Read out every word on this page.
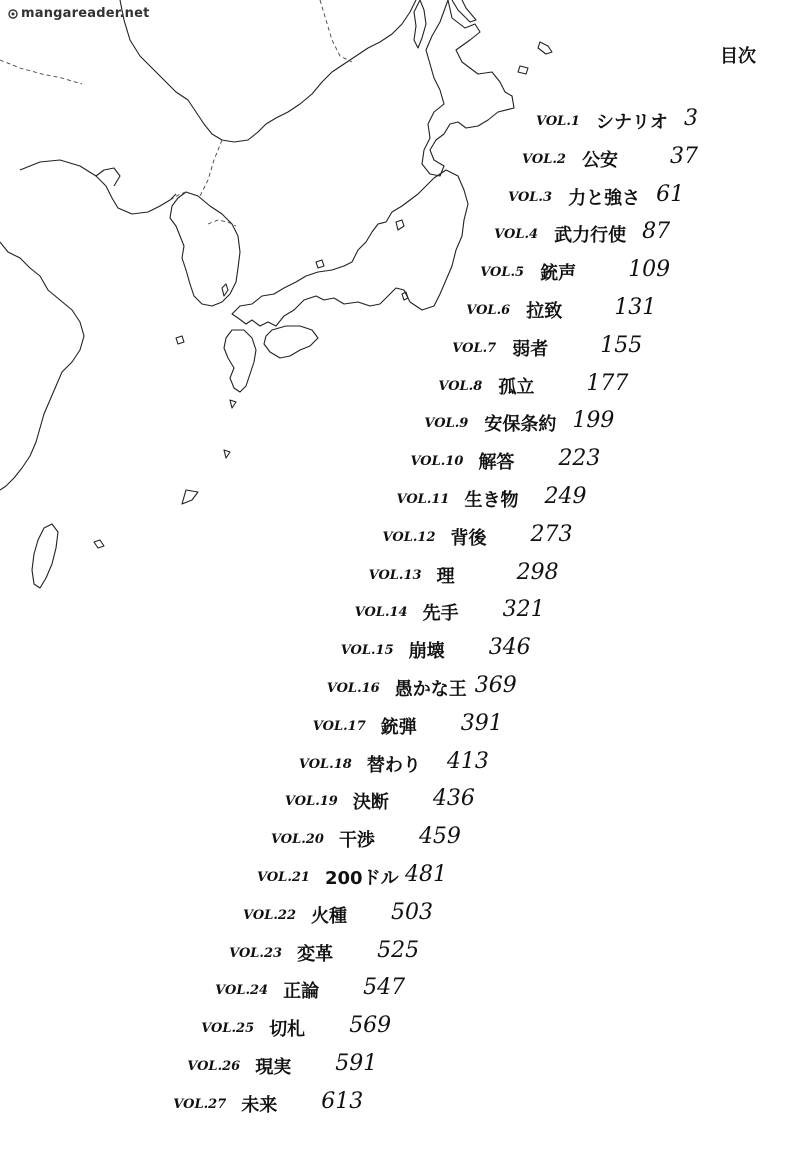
mangareader.net
目次
VOL.1 シナリオ 3
VOL.2 公安 37
VOL.3 力と強さ 61
VOL.4 武力行使 87
VOL.5 銃声 109
VOL.6 拉致 131
VOL.7 弱者 155
VOL.8 孤立 177
VOL.9 安保条約 199
VOL.10 解答 223
VOL.11 生き物 249
VOL.12 背後 273
VOL.13 理	298
VOL.14 先手 321
VOL.15 崩壊 346
VOL.16 愚かな王 369
VOL.17 銃弾 391
VOL.18 替わり 413
VOL.19 決断 436
VOL.20 干渉 459
VOL.21 200ドル 481
VOL.22 火種 503
VOL.23 変革 525
VOL.24 正論 547
VOL.25 切札 569
VOL.26 現実 591
VOL.27 未来 613
